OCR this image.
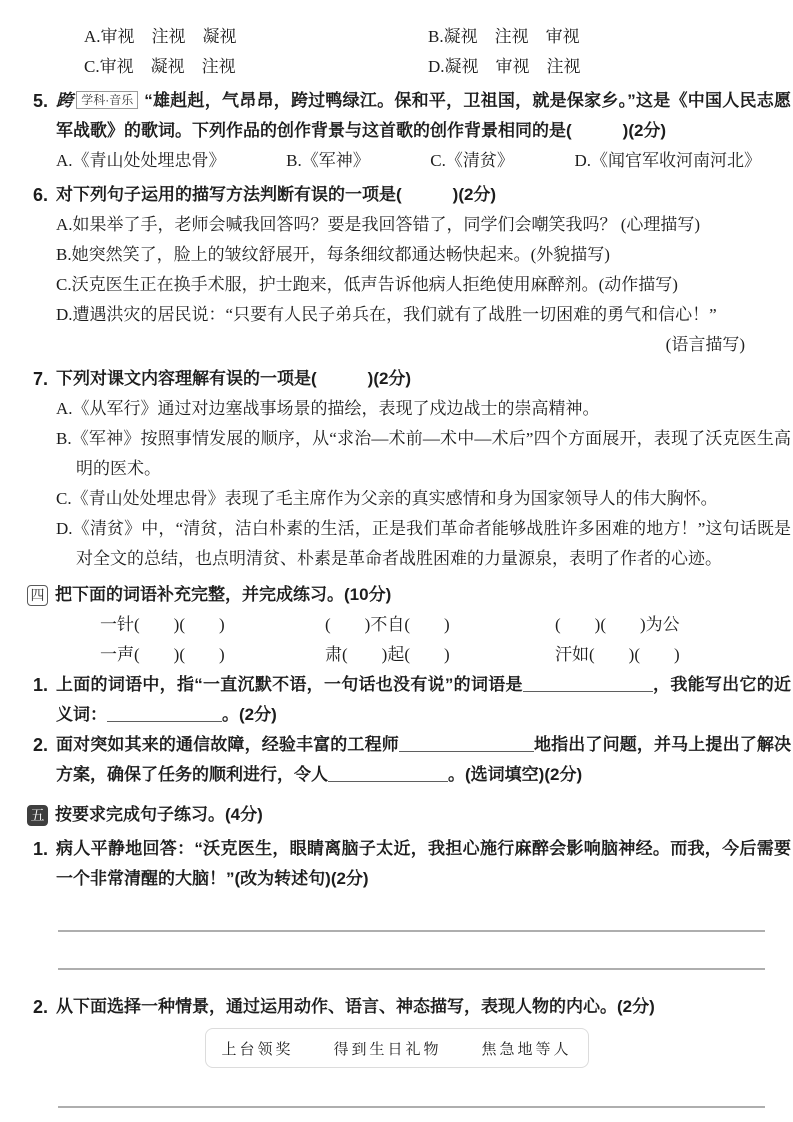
A.审视　注视　凝视	B.凝视　注视　审视
C.审视　凝视　注视	D.凝视　审视　注视
5. 跨 学科·音乐 “雄赳赳，气昂昂，跨过鸭绿江。保和平，卫祖国，就是保家乡。”这是《中国人民志愿军战歌》的歌词。下列作品的创作背景与这首歌的创作背景相同的是(　　　)(2分)

A.《青山处处埋忠骨》	B.《军神》	C.《清贫》	D.《闻官军收河南河北》
6. 对下列句子运用的描写方法判断有误的一项是(　　　)(2分)

A.如果举了手，老师会喊我回答吗？要是我回答错了，同学们会嘲笑我吗？ (心理描写)
B.她突然笑了，脸上的皱纹舒展开，每条细纹都通达畅快起来。(外貌描写)
C.沃克医生正在换手术服，护士跑来，低声告诉他病人拒绝使用麻醉剂。(动作描写)
D.遭遇洪灾的居民说：“只要有人民子弟兵在，我们就有了战胜一切困难的勇气和信心！”
(语言描写)
7. 下列对课文内容理解有误的一项是(　　　)(2分)

A.《从军行》通过对边塞战事场景的描绘，表现了戍边战士的崇高精神。
B.《军神》按照事情发展的顺序，从“求治—术前—术中—术后”四个方面展开，表现了沃克医生高明的医术。
C.《青山处处埋忠骨》表现了毛主席作为父亲的真实感情和身为国家领导人的伟大胸怀。
D.《清贫》中，“清贫，洁白朴素的生活，正是我们革命者能够战胜许多困难的地方！”这句话既是对全文的总结，也点明清贫、朴素是革命者战胜困难的力量源泉，表明了作者的心迹。
四 把下面的词语补充完整，并完成练习。(10分)
一针(　　)(　　)	(　　)不自(　　)	(　　)(　　)为公
一声(　　)(　　)	肃(　　)起(　　)	汗如(　　)(　　)
1. 上面的词语中，指“一直沉默不语，一句话也没有说”的词语是	，我能写出它的近义词：	。(2分)
2. 面对突如其来的通信故障，经验丰富的工程师	地指出了问题，并马上提出了解决方案，确保了任务的顺利进行，令人	。(选词填空)(2分)
五 按要求完成句子练习。(4分)
1. 病人平静地回答：“沃克医生，眼睛离脑子太近，我担心施行麻醉会影响脑神经。而我，今后需要一个非常清醒的大脑！”(改为转述句)(2分)
2. 从下面选择一种情景，通过运用动作、语言、神态描写，表现人物的内心。(2分)
上台领奖	得到生日礼物	焦急地等人
